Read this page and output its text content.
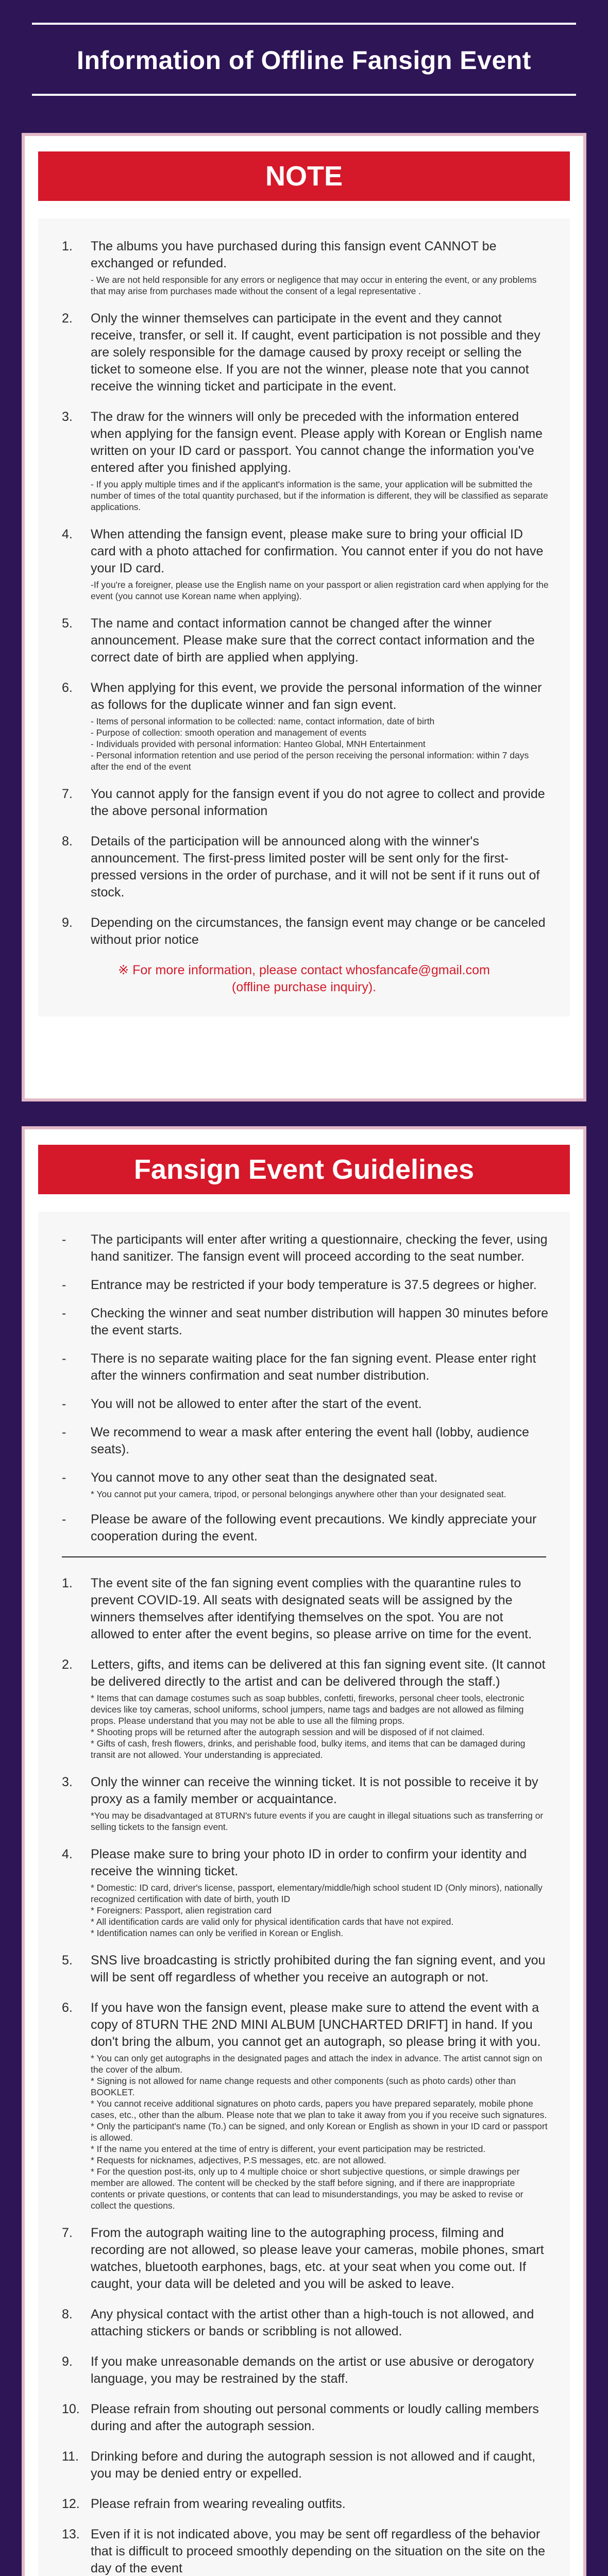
Information of Offline Fansign Event
NOTE
1.	The albums you have purchased during this fansign event CANNOT be exchanged or refunded.
- We are not held responsible for any errors or negligence that may occur in entering the event, or any problems that may arise from purchases made without the consent of a legal representative .
2.	Only the winner themselves can participate in the event and they cannot receive, transfer, or sell it. If caught, event participation is not possible and they are solely responsible for the damage caused by proxy receipt or selling the ticket to someone else. If you are not the winner, please note that you cannot receive the winning ticket and participate in the event.
3.	The draw for the winners will only be preceded with the information entered when applying for the fansign event. Please apply with Korean or English name written on your ID card or passport. You cannot change the information you've entered after you finished applying.
- If you apply multiple times and if the applicant's information is the same, your application will be submitted the number of times of the total quantity purchased, but if the information is different, they will be classified as separate applications.
4.	When attending the fansign event, please make sure to bring your official ID card with a photo attached for confirmation. You cannot enter if you do not have your ID card.
-If you're a foreigner, please use the English name on your passport or alien registration card when applying for the event (you cannot use Korean name when applying).
5.	The name and contact information cannot be changed after the winner announcement. Please make sure that the correct contact information and the correct date of birth are applied when applying.
6.	When applying for this event, we provide the personal information of the winner as follows for the duplicate winner and fan sign event.
- Items of personal information to be collected: name, contact information, date of birth
- Purpose of collection: smooth operation and management of events
- Individuals provided with personal information: Hanteo Global, MNH Entertainment
- Personal information retention and use period of the person receiving the personal information: within 7 days after the end of the event
7.	You cannot apply for the fansign event if you do not agree to collect and provide the above personal information
8.	Details of the participation will be announced along with the winner's announcement. The first-press limited poster will be sent only for the first-pressed versions in the order of purchase, and it will not be sent if it runs out of stock.
9.	Depending on the circumstances, the fansign event may change or be canceled without prior notice
※ For more information, please contact whosfancafe@gmail.com
(offline purchase inquiry).
Fansign Event Guidelines
-	The participants will enter after writing a questionnaire, checking the fever, using hand sanitizer. The fansign event will proceed according to the seat number.
-	Entrance may be restricted if your body temperature is 37.5 degrees or higher.
-	Checking the winner and seat number distribution will happen 30 minutes before the event starts.
-	There is no separate waiting place for the fan signing event. Please enter right after the winners confirmation and seat number distribution.
-	You will not be allowed to enter after the start of the event.
-	We recommend to wear a mask after entering the event hall (lobby, audience seats).
-	You cannot move to any other seat than the designated seat.
* You cannot put your camera, tripod, or personal belongings anywhere other than your designated seat.
-	Please be aware of the following event precautions. We kindly appreciate your cooperation during the event.
1.	The event site of the fan signing event complies with the quarantine rules to prevent COVID-19. All seats with designated seats will be assigned by the winners themselves after identifying themselves on the spot. You are not allowed to enter after the event begins, so please arrive on time for the event.
2.	Letters, gifts, and items can be delivered at this fan signing event site. (It cannot be delivered directly to the artist and can be delivered through the staff.)
* Items that can damage costumes such as soap bubbles, confetti, fireworks, personal cheer tools, electronic devices like toy cameras, school uniforms, school jumpers, name tags and badges are not allowed as filming props. Please understand that you may not be able to use all the filming props.
* Shooting props will be returned after the autograph session and will be disposed of if not claimed.
* Gifts of cash, fresh flowers, drinks, and perishable food, bulky items, and items that can be damaged during transit are not allowed. Your understanding is appreciated.
3.	Only the winner can receive the winning ticket. It is not possible to receive it by proxy as a family member or acquaintance.
*You may be disadvantaged at 8TURN's future events if you are caught in illegal situations such as transferring or selling tickets to the fansign event.
4.	Please make sure to bring your photo ID in order to confirm your identity and receive the winning ticket.
* Domestic: ID card, driver's license, passport, elementary/middle/high school student ID (Only minors), nationally recognized certification with date of birth, youth ID
* Foreigners: Passport, alien registration card
* All identification cards are valid only for physical identification cards that have not expired.
* Identification names can only be verified in Korean or English.
5.	SNS live broadcasting is strictly prohibited during the fan signing event, and you will be sent off regardless of whether you receive an autograph or not.
6.	If you have won the fansign event, please make sure to attend the event with a copy of 8TURN THE 2ND MINI ALBUM [UNCHARTED DRIFT] in hand. If you don't bring the album, you cannot get an autograph, so please bring it with you.
* You can only get autographs in the designated pages and attach the index in advance. The artist cannot sign on the cover of the album.
* Signing is not allowed for name change requests and other components (such as photo cards) other than BOOKLET.
* You cannot receive additional signatures on photo cards, papers you have prepared separately, mobile phone cases, etc., other than the album. Please note that we plan to take it away from you if you receive such signatures.
* Only the participant's name (To.) can be signed, and only Korean or English as shown in your ID card or passport is allowed.
* If the name you entered at the time of entry is different, your event participation may be restricted.
* Requests for nicknames, adjectives, P.S messages, etc. are not allowed.
* For the question post-its, only up to 4 multiple choice or short subjective questions, or simple drawings per member are allowed. The content will be checked by the staff before signing, and if there are inappropriate contents or private questions, or contents that can lead to misunderstandings, you may be asked to revise or collect the questions.
7.	From the autograph waiting line to the autographing process, filming and recording are not allowed, so please leave your cameras, mobile phones, smart watches, bluetooth earphones, bags, etc. at your seat when you come out. If caught, your data will be deleted and you will be asked to leave.
8.	Any physical contact with the artist other than a high-touch is not allowed, and attaching stickers or bands or scribbling is not allowed.
9.	If you make unreasonable demands on the artist or use abusive or derogatory language, you may be restrained by the staff.
10. Please refrain from shouting out personal comments or loudly calling members during and after the autograph session.
11. Drinking before and during the autograph session is not allowed and if caught, you may be denied entry or expelled.
12. Please refrain from wearing revealing outfits.
13. Even if it is not indicated above, you may be sent off regardless of the behavior that is difficult to proceed smoothly depending on the situation on the site on the day of the event
